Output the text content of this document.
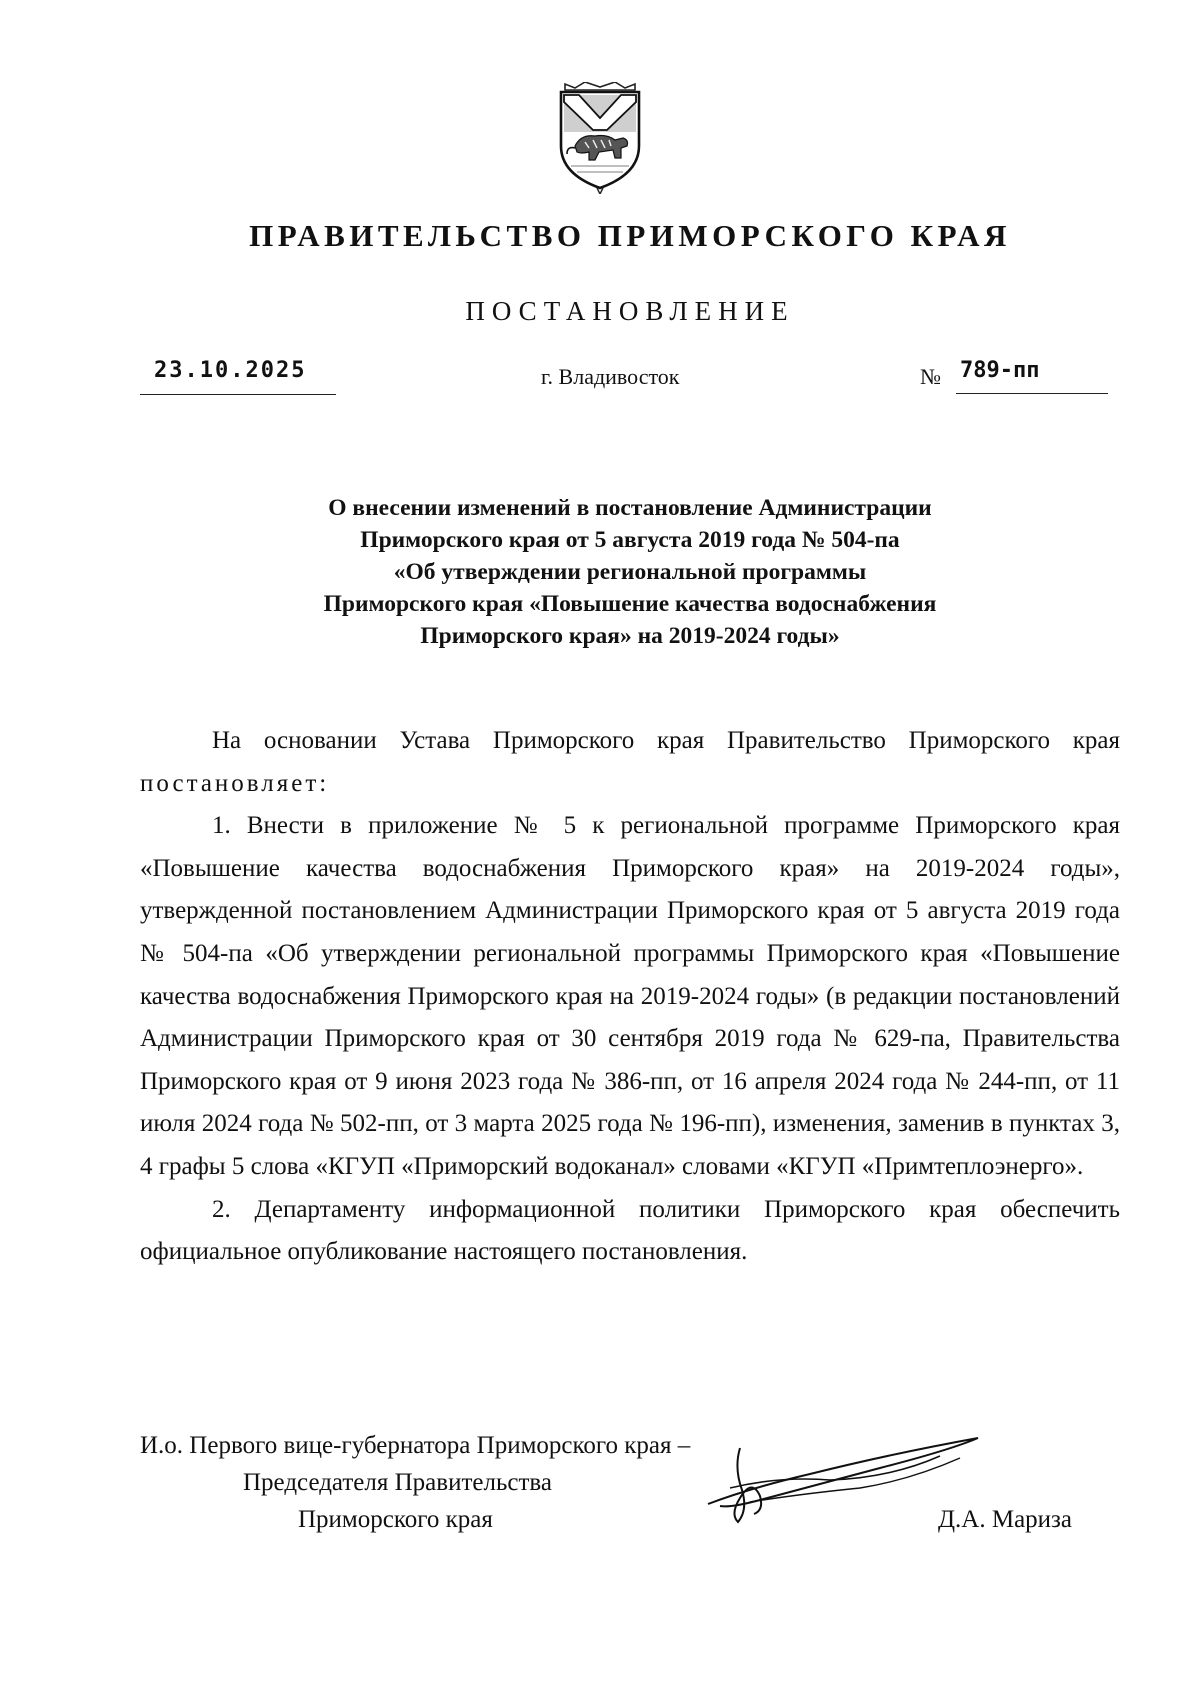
ПРАВИТЕЛЬСТВО ПРИМОРСКОГО КРАЯ
ПОСТАНОВЛЕНИЕ
23.10.2025	г. Владивосток	№ 789-пп
О внесении изменений в постановление Администрации
Приморского края от 5 августа 2019 года № 504-па
«Об утверждении региональной программы
Приморского края «Повышение качества водоснабжения
Приморского края» на 2019-2024 годы»

На основании Устава Приморского края Правительство Приморского края постановляет:

1. Внести в приложение № 5 к региональной программе Приморского края «Повышение качества водоснабжения Приморского края» на 2019-2024 годы», утвержденной постановлением Администрации Приморского края от 5 августа 2019 года № 504-па «Об утверждении региональной программы Приморского края «Повышение качества водоснабжения Приморского края на 2019-2024 годы» (в редакции постановлений Администрации Приморского края от 30 сентября 2019 года № 629-па, Правительства Приморского края от 9 июня 2023 года № 386-пп, от 16 апреля 2024 года № 244-пп, от 11 июля 2024 года № 502-пп, от 3 марта 2025 года № 196-пп), изменения, заменив в пунктах 3, 4 графы 5 слова «КГУП «Приморский водоканал» словами «КГУП «Примтеплоэнерго».

2. Департаменту информационной политики Приморского края обеспечить официальное опубликование настоящего постановления.

И.о. Первого вице-губернатора Приморского края –
Председателя Правительства
Приморского края	Д.А. Мариза
